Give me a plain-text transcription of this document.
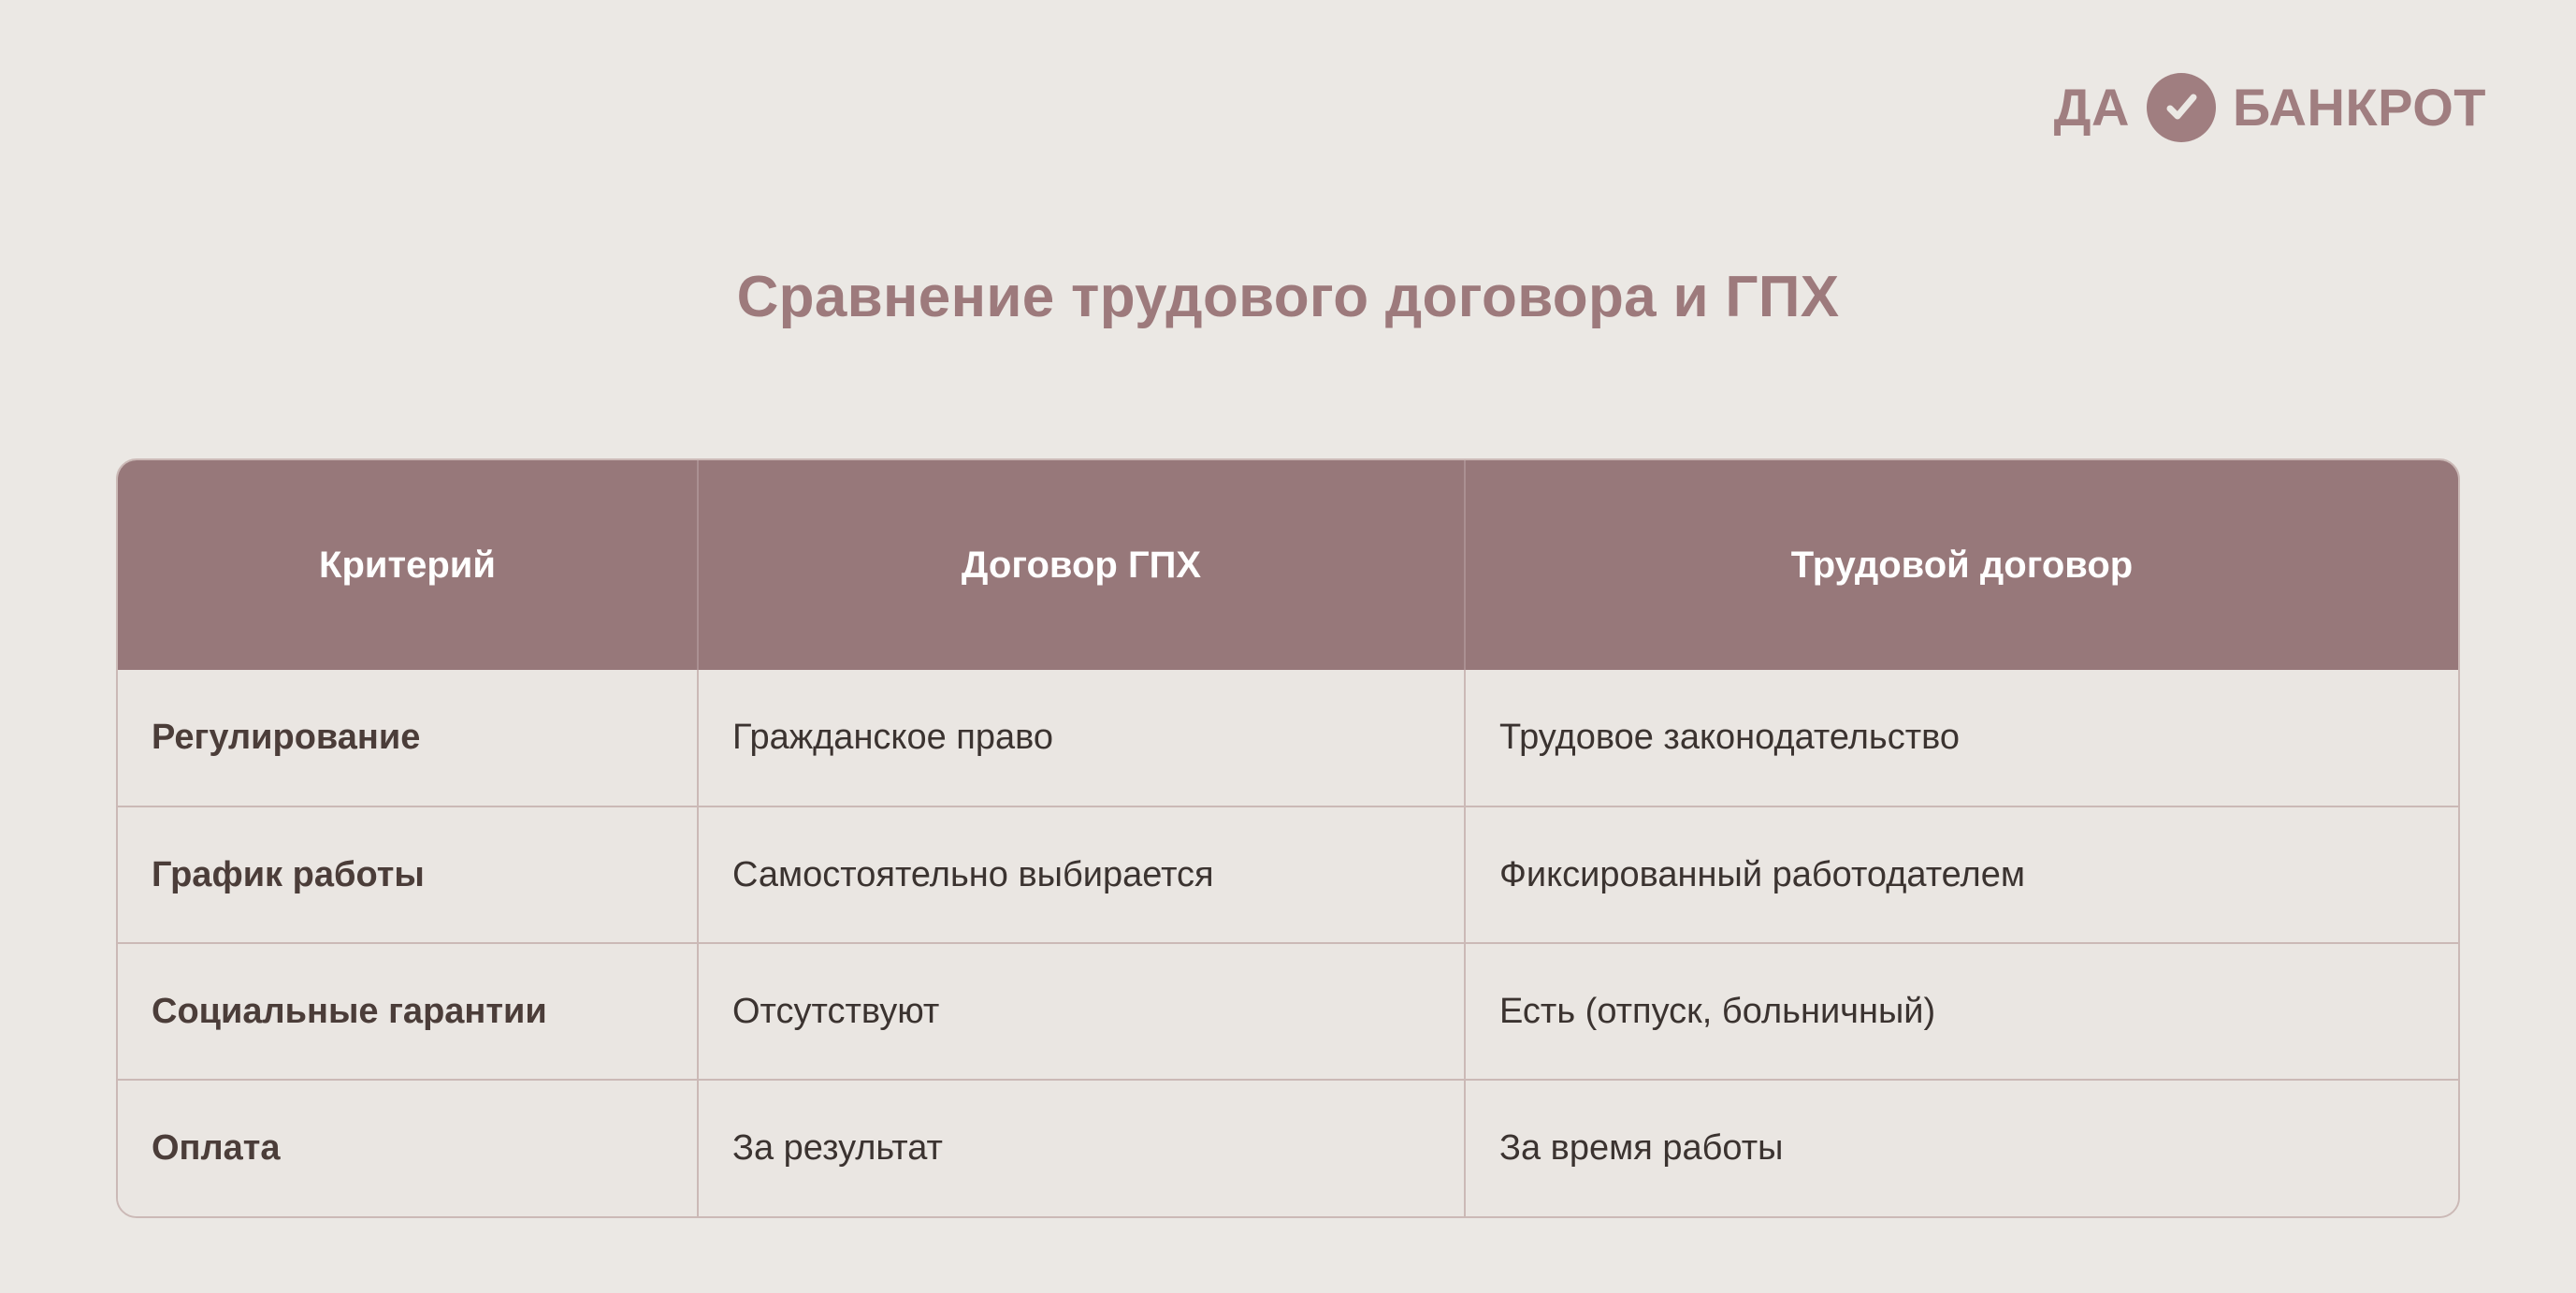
ДА БАНКРОТ
Сравнение трудового договора и ГПХ
Критерий	Договор ГПХ	Трудовой договор
Регулирование	Гражданское право	Трудовое законодательство
График работы	Самостоятельно выбирается	Фиксированный работодателем
Социальные гарантии	Отсутствуют	Есть (отпуск, больничный)
Оплата	За результат	За время работы
